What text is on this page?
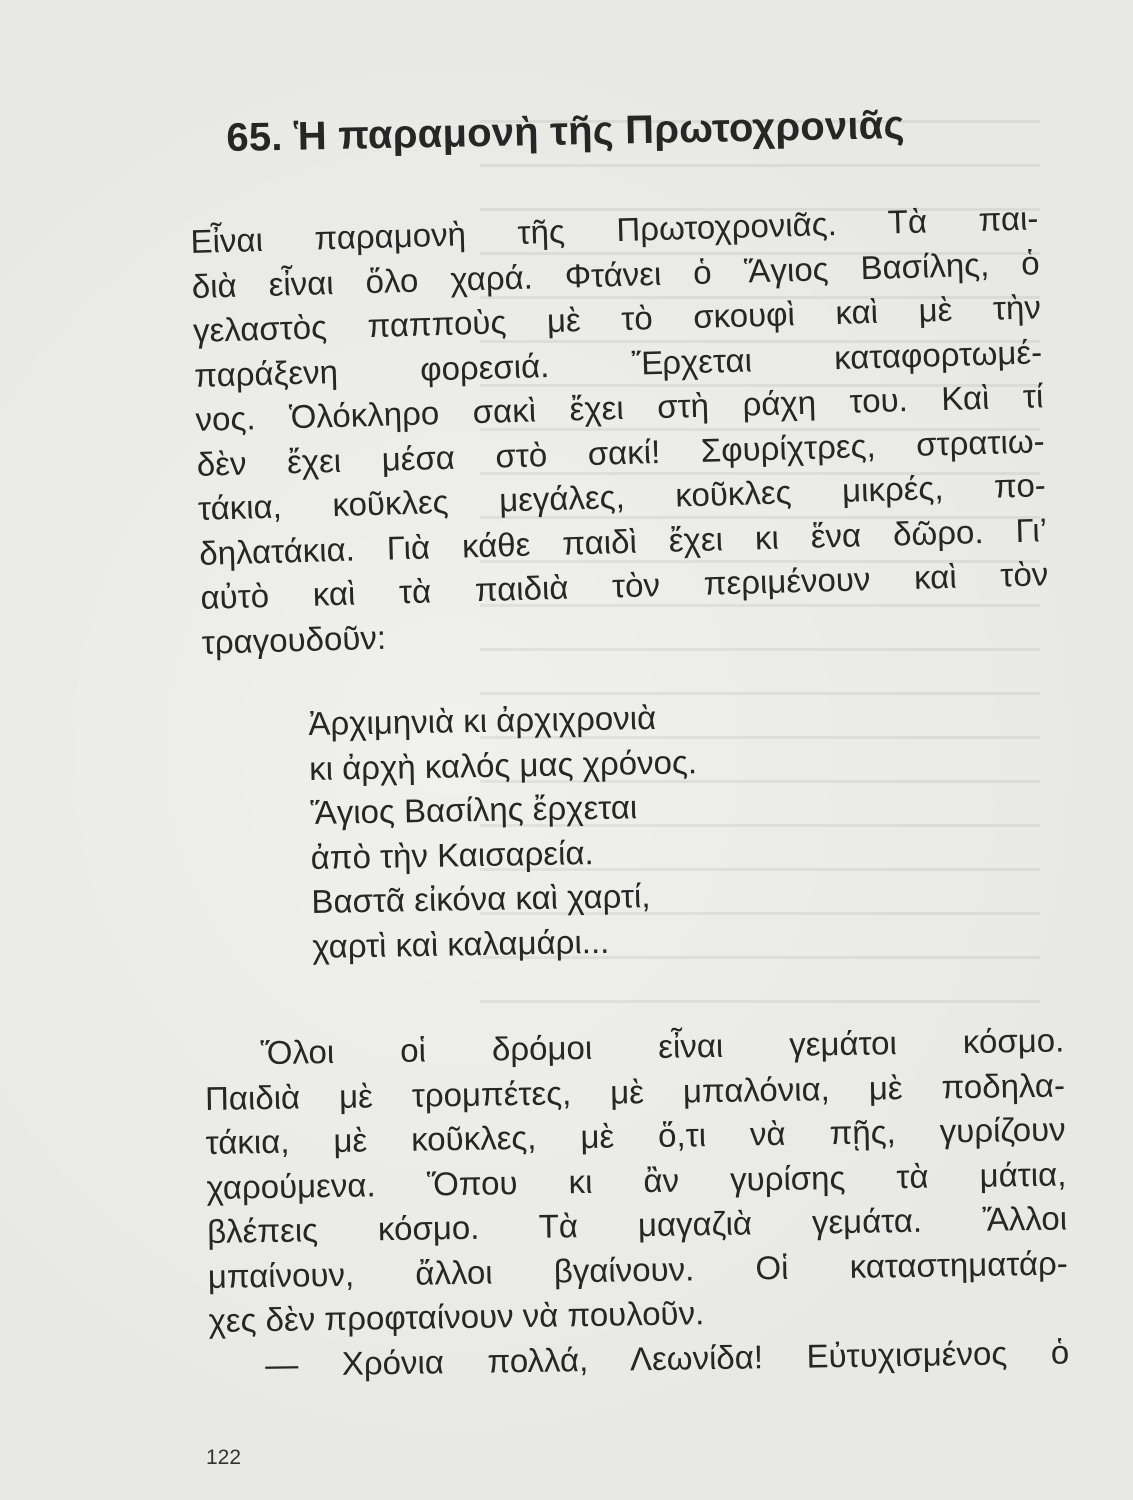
65. Ἡ παραμονὴ τῆς Πρωτοχρονιᾶς
Εἶναι παραμονὴ τῆς Πρωτοχρονιᾶς. Τὰ παι-
διὰ εἶναι ὅλο χαρά. Φτάνει ὁ Ἅγιος Βασίλης, ὁ
γελαστὸς παπποὺς μὲ τὸ σκουφὶ καὶ μὲ τὴν
παράξενη φορεσιά. Ἔρχεται καταφορτωμέ-
νος. Ὁλόκληρο σακὶ ἔχει στὴ ράχη του. Καὶ τί
δὲν ἔχει μέσα στὸ σακί! Σφυρίχτρες, στρατιω-
τάκια, κοῦκλες μεγάλες, κοῦκλες μικρές, πο-
δηλατάκια. Γιὰ κάθε παιδὶ ἔχει κι ἕνα δῶρο. Γι’
αὐτὸ καὶ τὰ παιδιὰ τὸν περιμένουν καὶ τὸν
τραγουδοῦν:
Ἀρχιμηνιὰ κι ἀρχιχρονιὰ
κι ἀρχὴ καλός μας χρόνος.
Ἅγιος Βασίλης ἔρχεται
ἀπὸ τὴν Καισαρεία.
Βαστᾶ εἰκόνα καὶ χαρτί,
χαρτὶ καὶ καλαμάρι...
Ὅλοι οἱ δρόμοι εἶναι γεμάτοι κόσμο.
Παιδιὰ μὲ τρομπέτες, μὲ μπαλόνια, μὲ ποδηλα-
τάκια, μὲ κοῦκλες, μὲ ὅ,τι νὰ πῇς, γυρίζουν
χαρούμενα. Ὅπου κι ἂν γυρίσης τὰ μάτια,
βλέπεις κόσμο. Τὰ μαγαζιὰ γεμάτα. Ἄλλοι
μπαίνουν, ἄλλοι βγαίνουν. Οἱ καταστηματάρ-
χες δὲν προφταίνουν νὰ πουλοῦν.
— Χρόνια πολλά, Λεωνίδα! Εὐτυχισμένος ὁ
122
